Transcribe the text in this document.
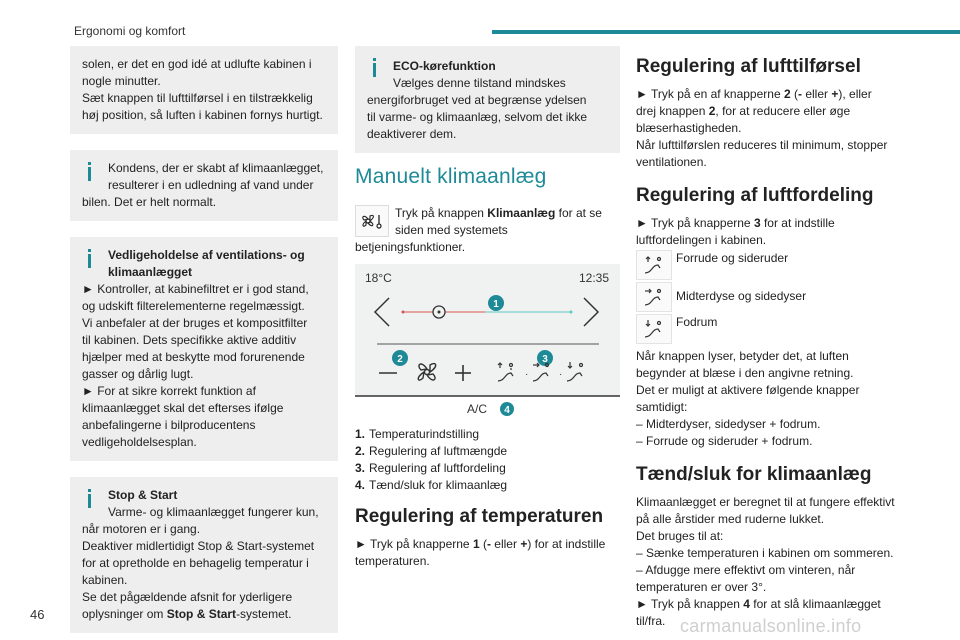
Ergonomi og komfort

solen, er det en god idé at udlufte kabinen i

nogle minutter.

Sæt knappen til lufttilførsel i en tilstrækkelig

høj position, så luften i kabinen fornys hurtigt.

Kondens, der er skabt af klimaanlægget,

resulterer i en udledning af vand under

bilen. Det er helt normalt.

Vedligeholdelse af ventilations- og

klimaanlægget

► Kontroller, at kabinefiltret er i god stand,

og udskift filterelementerne regelmæssigt.

Vi anbefaler at der bruges et kompositfilter

til kabinen. Dets specifikke aktive additiv

hjælper med at beskytte mod forurenende

gasser og dårlig lugt.

► For at sikre korrekt funktion af

klimaanlægget skal det efterses ifølge

anbefalingerne i bilproducentens

vedligeholdelsesplan.

Stop & Start

Varme- og klimaanlægget fungerer kun,

når motoren er i gang.

Deaktiver midlertidigt Stop & Start-systemet

for at opretholde en behagelig temperatur i

kabinen.

Se det pågældende afsnit for yderligere

oplysninger om Stop & Start-systemet.

ECO-kørefunktion

Vælges denne tilstand mindskes

energiforbruget ved at begrænse ydelsen

til varme- og klimaanlæg, selvom det ikke

deaktiverer dem.

Manuelt klimaanlæg

Tryk på knappen Klimaanlæg for at se

siden med systemets

betjeningsfunktioner.

18°C	12:35
1
2	3
·	·
A/C 4
1. Temperaturindstilling
2. Regulering af luftmængde
3. Regulering af luftfordeling
4. Tænd/sluk for klimaanlæg
Regulering af temperaturen

► Tryk på knapperne 1 (- eller +) for at indstille

temperaturen.

Regulering af lufttilførsel

► Tryk på en af knapperne 2 (- eller +), eller

drej knappen 2, for at reducere eller øge

blæserhastigheden.

Når lufttilførslen reduceres til minimum, stopper

ventilationen.

Regulering af luftfordeling

► Tryk på knapperne 3 for at indstille

luftfordelingen i kabinen.

Forrude og sideruder
Midterdyse og sidedyser
Fodrum

Når knappen lyser, betyder det, at luften

begynder at blæse i den angivne retning.

Det er muligt at aktivere følgende knapper

samtidigt:

– Midterdyser, sidedyser + fodrum.

– Forrude og sideruder + fodrum.

Tænd/sluk for klimaanlæg

Klimaanlægget er beregnet til at fungere effektivt

på alle årstider med ruderne lukket.

Det bruges til at:

– Sænke temperaturen i kabinen om sommeren.

– Afdugge mere effektivt om vinteren, når

temperaturen er over 3°.

► Tryk på knappen 4 for at slå klimaanlægget

til/fra.

46
carmanualsonline.info
